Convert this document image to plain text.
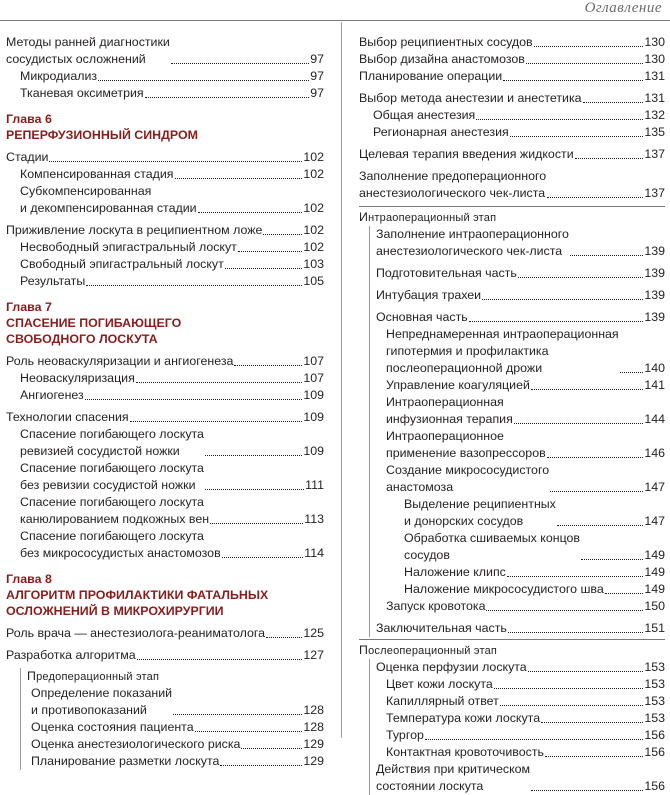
Оглавление
Методы ранней диагностики
сосудистых осложнений	97
Микродиализ	97
Тканевая оксиметрия	97
Глава 6
РЕПЕРФУЗИОННЫЙ СИНДРОМ
Стадии	102
Компенсированная стадия	102
Субкомпенсированная
и декомпенсированная стадии	102
Приживление лоскута в реципиентном ложе	102
Несвободный эпигастральный лоскут	102
Свободный эпигастральный лоскут	103
Результаты	105
Глава 7
СПАСЕНИЕ ПОГИБАЮЩЕГО
СВОБОДНОГО ЛОСКУТА
Роль неоваскуляризации и ангиогенеза	107
Неоваскуляризация	107
Ангиогенез	109
Технологии спасения	109
Спасение погибающего лоскута
ревизией сосудистой ножки	109
Спасение погибающего лоскута
без ревизии сосудистой ножки	111
Спасение погибающего лоскута
канюлированием подкожных вен	113
Спасение погибающего лоскута
без микрососудистых анастомозов	114
Глава 8
АЛГОРИТМ ПРОФИЛАКТИКИ ФАТАЛЬНЫХ
ОСЛОЖНЕНИЙ В МИКРОХИРУРГИИ
Роль врача — анестезиолога-реаниматолога	125
Разработка алгоритма	127
Предоперационный этап
Определение показаний
и противопоказаний	128
Оценка состояния пациента	128
Оценка анестезиологического риска	129
Планирование разметки лоскута	129
Выбор реципиентных сосудов	130
Выбор дизайна анастомозов	130
Планирование операции	131
Выбор метода анестезии и анестетика	131
Общая анестезия	132
Регионарная анестезия	135
Целевая терапия введения жидкости	137
Заполнение предоперационного
анестезиологического чек-листа	137
Интраоперационный этап
Заполнение интраоперационного
анестезиологического чек-листа	139
Подготовительная часть	139
Интубация трахеи	139
Основная часть	139
Непреднамеренная интраоперационная
гипотермия и профилактика
послеоперационной дрожи	140
Управление коагуляцией	141
Интраоперационная
инфузионная терапия	144
Интраоперационное
применение вазопрессоров	146
Создание микрососудистого
анастомоза	147
Выделение реципиентных
и донорских сосудов	147
Обработка сшиваемых концов
сосудов	149
Наложение клипс	149
Наложение микрососудистого шва	149
Запуск кровотока	150
Заключительная часть	151
Послеоперационный этап
Оценка перфузии лоскута	153
Цвет кожи лоскута	153
Капиллярный ответ	153
Температура кожи лоскута	153
Тургор	156
Контактная кровоточивость	156
Действия при критическом
состоянии лоскута	156
